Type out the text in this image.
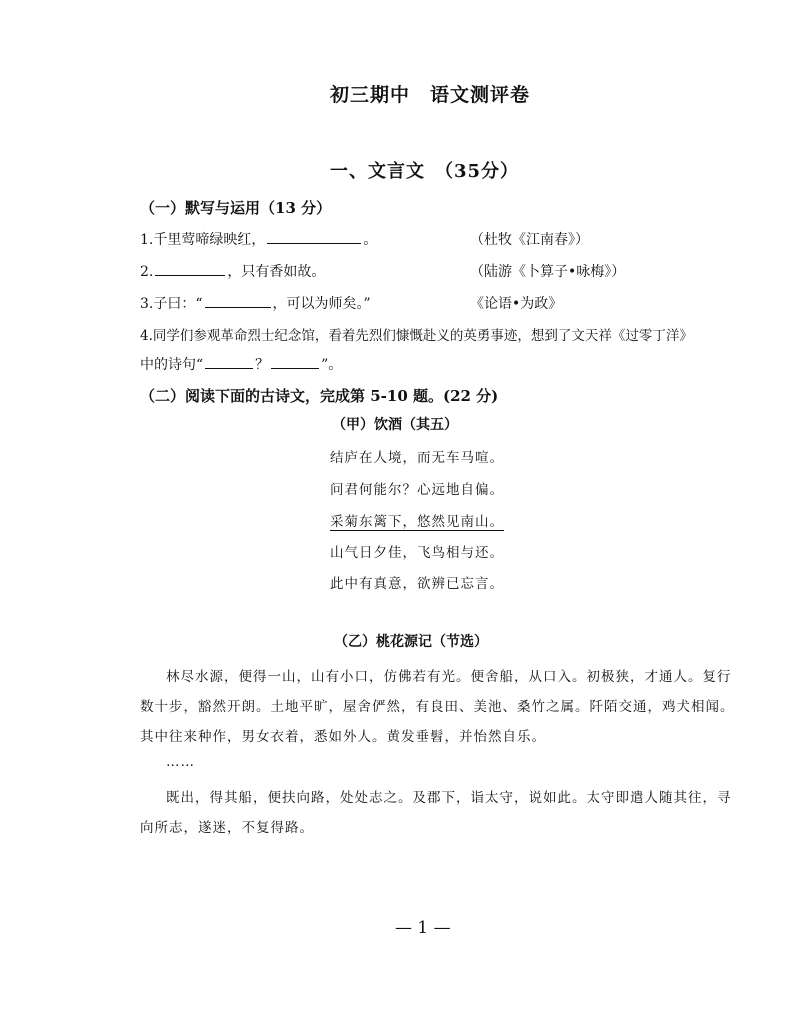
初三期中　语文测评卷
一、文言文　（35分）
（一）默写与运用（13 分）
1.千里莺啼绿映红，	。	（杜牧《江南春》）
2.	，只有香如故。	（陆游《卜算子•咏梅》）
3.子曰：“	，可以为师矣。”	《论语•为政》
4.同学们参观革命烈士纪念馆，看着先烈们慷慨赴义的英勇事迹，想到了文天祥《过零丁洋》
中的诗句“	？	”。
（二）阅读下面的古诗文，完成第 5-10 题。(22 分)
（甲）饮酒（其五）
结庐在人境，而无车马喧。
问君何能尔？心远地自偏。
采菊东篱下，悠然见南山。
山气日夕佳，飞鸟相与还。
此中有真意，欲辨已忘言。
（乙）桃花源记（节选）
林尽水源，便得一山，山有小口，仿佛若有光。便舍船，从口入。初极狭，才通人。复行
数十步，豁然开朗。土地平旷，屋舍俨然，有良田、美池、桑竹之属。阡陌交通，鸡犬相闻。
其中往来种作，男女衣着，悉如外人。黄发垂髫，并怡然自乐。
……
既出，得其船，便扶向路，处处志之。及郡下，诣太守，说如此。太守即遣人随其往，寻
向所志，遂迷，不复得路。
— 1 —
